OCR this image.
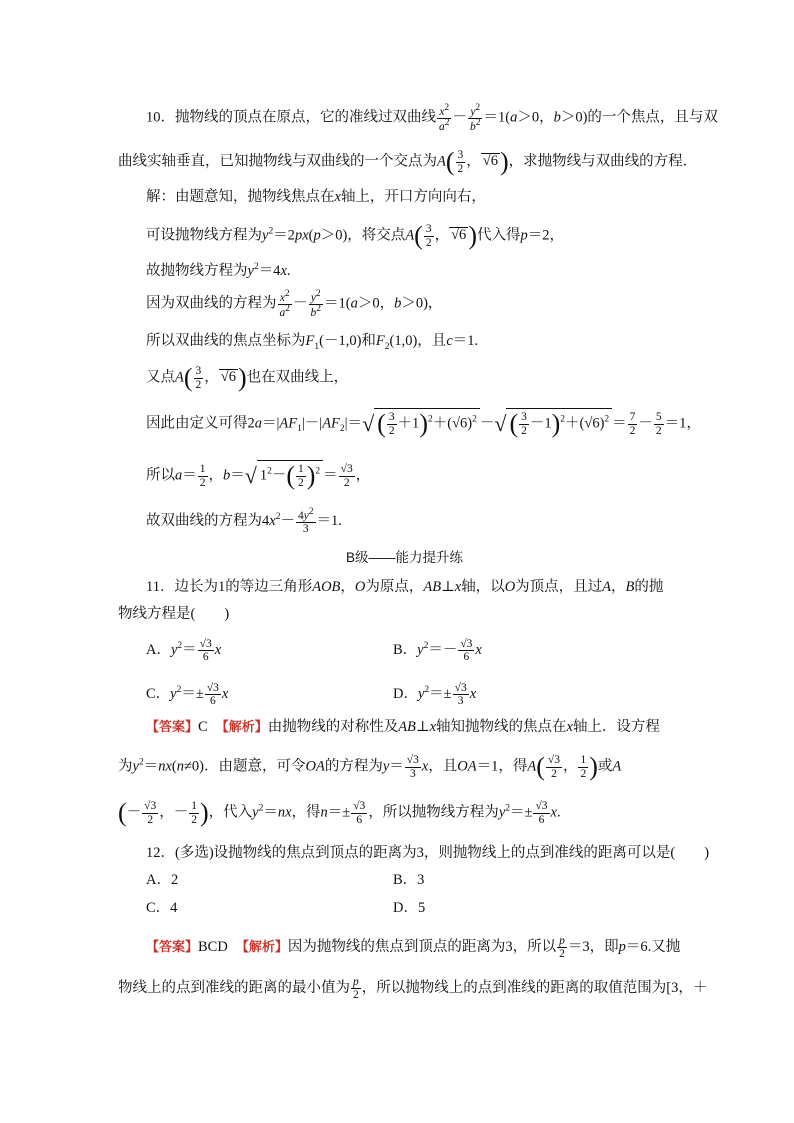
10．抛物线的顶点在原点，它的准线过双曲线 $\frac{x^2}{a^2} - \frac{y^2}{b^2} =1(a>0$，b＞0)的一个焦点，且与双
曲线实轴垂直，已知抛物线与双曲线的一个交点为$A( \frac{3}{2}$ ， √6)，求抛物线与双曲线的方程．
解：由题意知，抛物线焦点在x轴上，开口方向向右，
可设抛物线方程为$y^2=2px(p>0)$，将交点$A( \frac{3}{2}$ ， √6)代入得p＝2，
故抛物线方程为$y^2=4x$.
因为双曲线的方程为 $\frac{x^2}{a^2} - \frac{y^2}{b^2} =1(a>0$，b＞0)，
所以双曲线的焦点坐标为$F_1(-1,0)$和$F_2(1,0)$，且c＝1.
又点$A( \frac{3}{2}$ ， √6)也在双曲线上，
因此由定义可得$2a=|AF_1|-|AF_2|=√$ ( $\frac{3}{2} +1)^2+(√6)^2$ －√ ( $\frac{3}{2} -1)^2+(√6)^2 = \frac{7}{2} - \frac{5}{2} =1$，
所以$a= \frac{1}{2}$ ，b＝√ $1^2-( \frac{1}{2} )^2 = \frac{√3}{2}$ ，
故双曲线的方程为$4x^2- \frac{4y^2}{3} =1$.
B级——能力提升练
11．边长为1的等边三角形AOB，O为原点，AB⊥x轴，以O为顶点，且过A，B的抛
物线方程是(　　)
A．$y^2= \frac{√3}{6}$ x	B．$y^2=- \frac{√3}{6}$ x
C．$y^2=\pm \frac{√3}{6}$ x	D．$y^2=\pm \frac{√3}{3}$ x
【答案】C　 【解析】由抛物线的对称性及AB⊥x轴知抛物线的焦点在x轴上．设方程
为$y^2=nx(n\ne 0)$．由题意，可令OA的方程为$y= \frac{√3}{3}$ x，且OA＝1，得$A( \frac{√3}{2}$ ， $\frac{1}{2}$ )或A
(－ $\frac{√3}{2}$ ，－ $\frac{1}{2}$ )，代入$y^2=nx$，得$n=\pm \frac{√3}{6}$ ，所以抛物线方程为$y^2=\pm \frac{√3}{6} x$.
12．(多选)设抛物线的焦点到顶点的距离为3，则抛物线上的点到准线的距离可以是(　　)
A．2	B．3
C．4	D．5
【答案】BCD　 【解析】因为抛物线的焦点到顶点的距离为3，所以 $\frac{p}{2} =3$，即p＝6.又抛
物线上的点到准线的距离的最小值为 $\frac{p}{2}$ ，所以抛物线上的点到准线的距离的取值范围为[3，＋
